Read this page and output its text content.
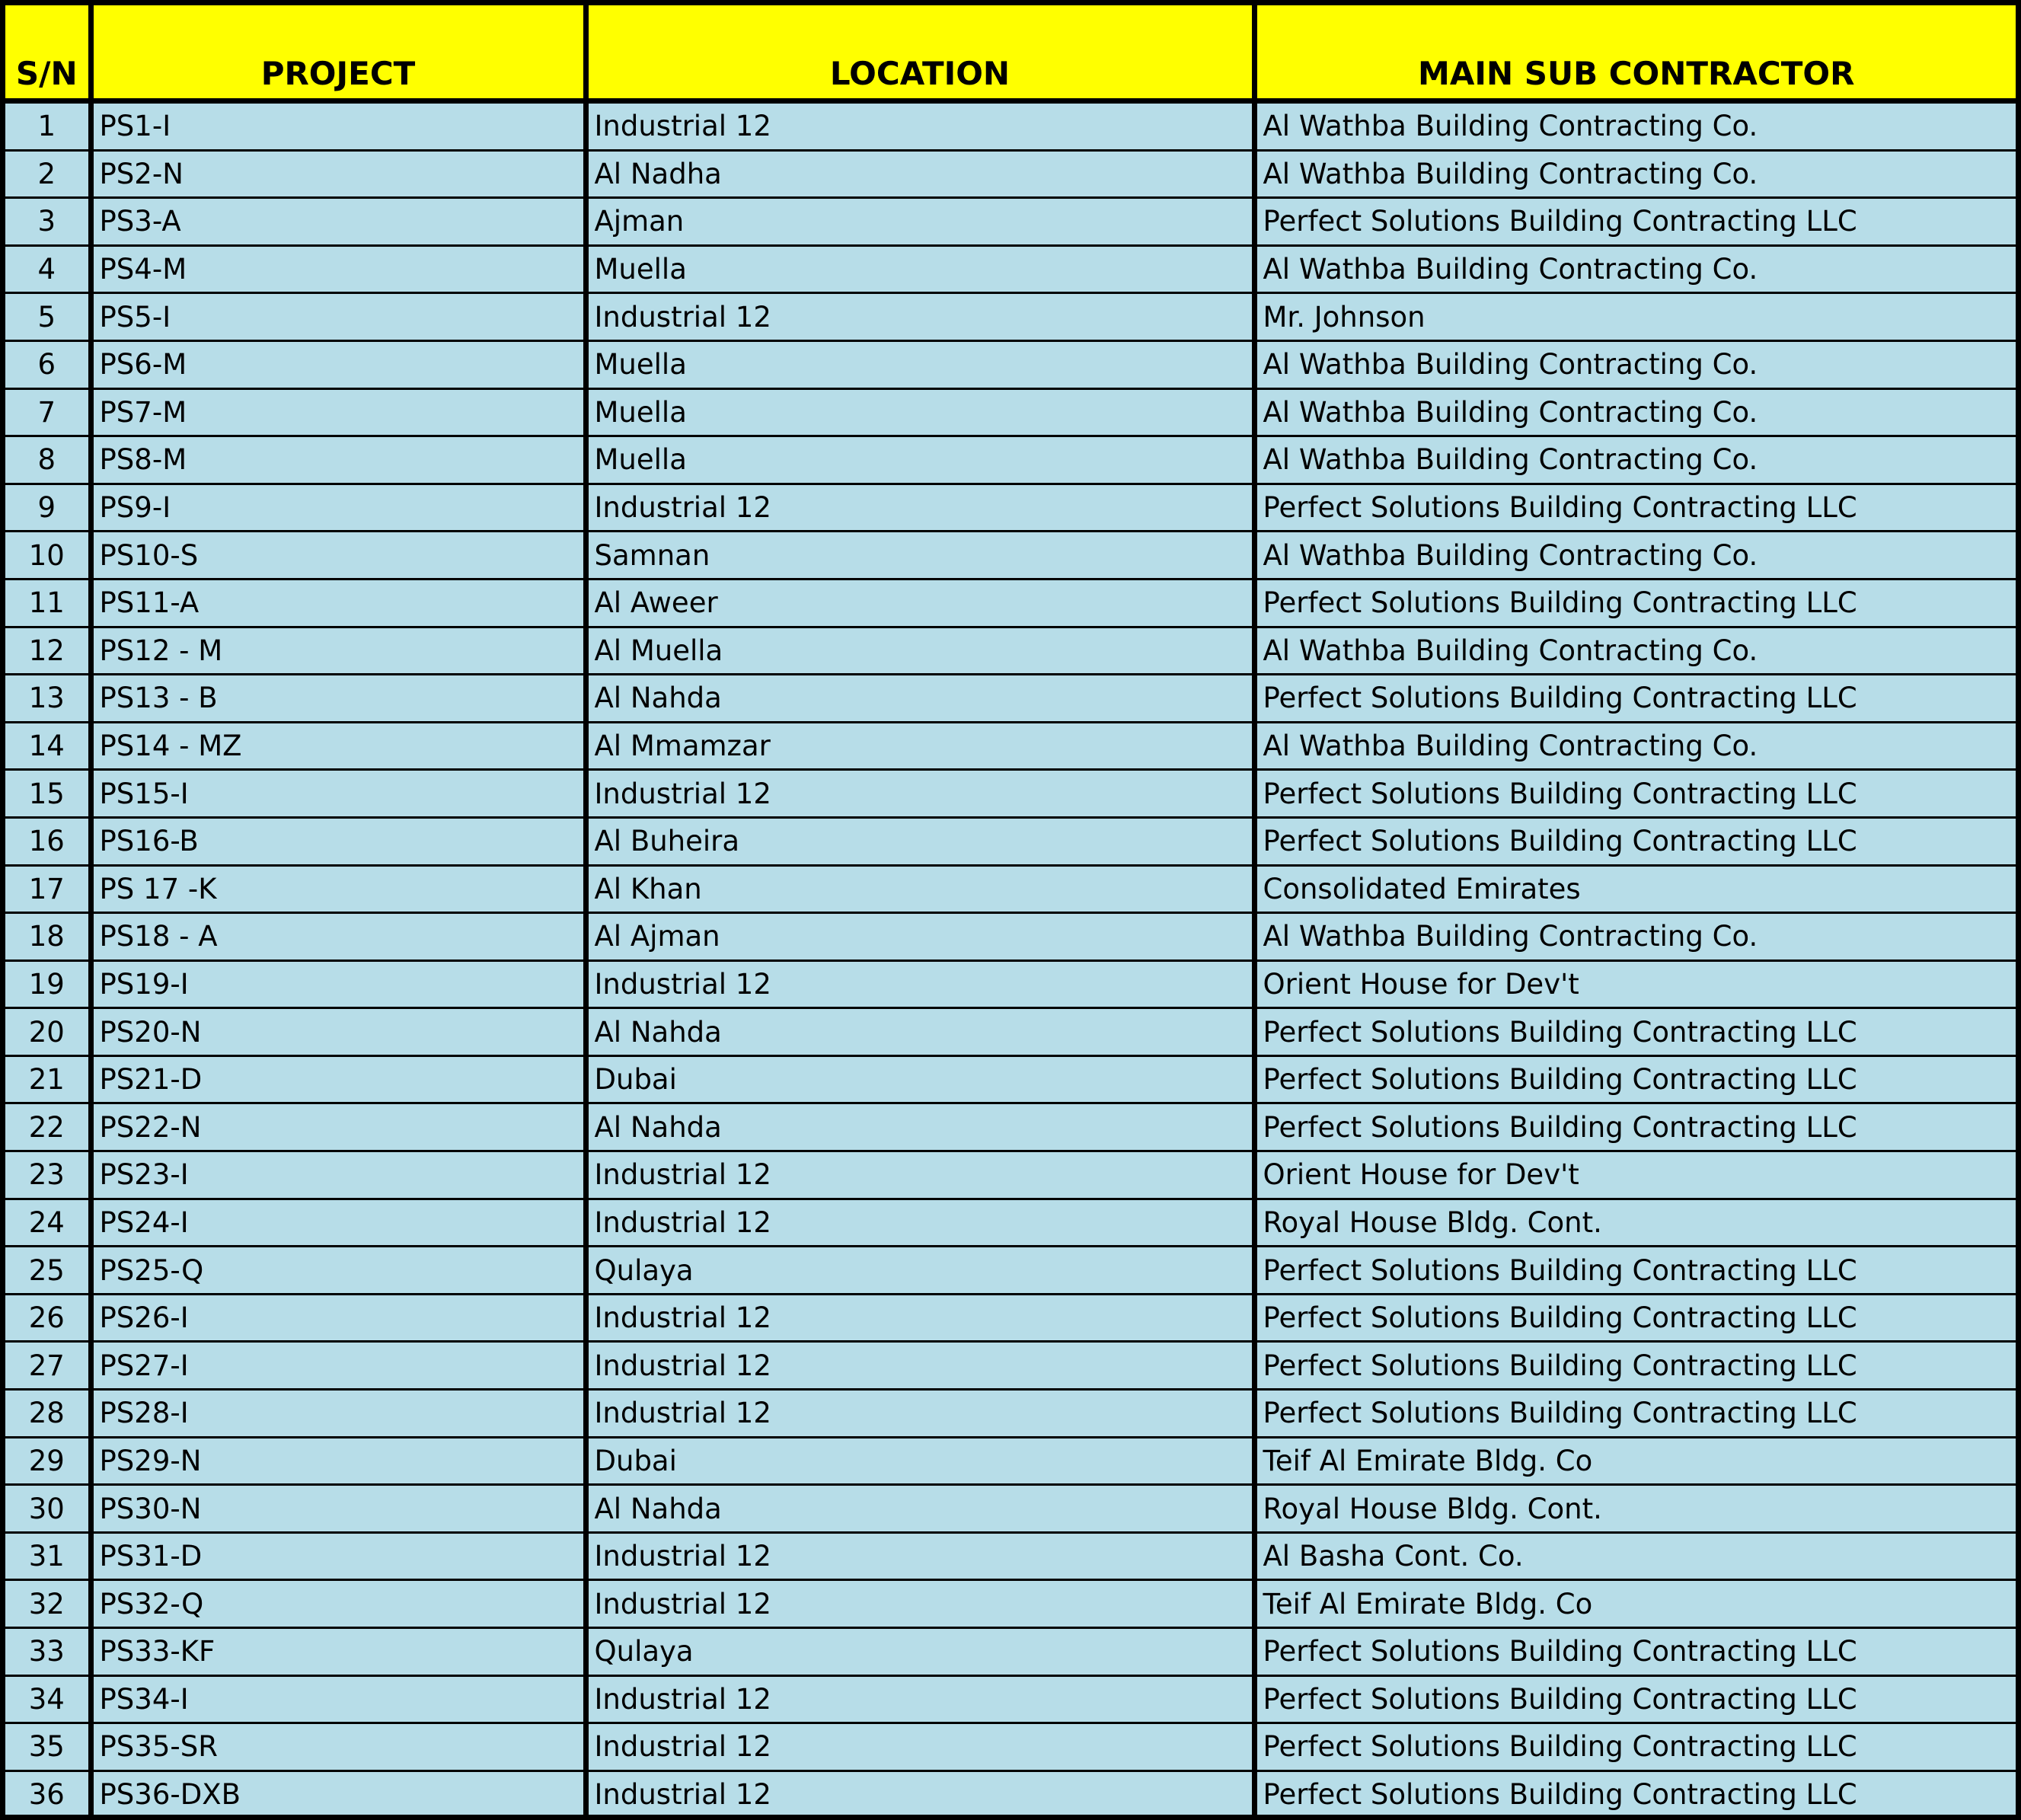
S/N	PROJECT	LOCATION	MAIN SUB CONTRACTOR
1	PS1-I	Industrial 12	Al Wathba Building Contracting Co.
2	PS2-N	Al Nadha	Al Wathba Building Contracting Co.
3	PS3-A	Ajman	Perfect Solutions Building Contracting LLC
4	PS4-M	Muella	Al Wathba Building Contracting Co.
5	PS5-I	Industrial 12	Mr. Johnson
6	PS6-M	Muella	Al Wathba Building Contracting Co.
7	PS7-M	Muella	Al Wathba Building Contracting Co.
8	PS8-M	Muella	Al Wathba Building Contracting Co.
9	PS9-I	Industrial 12	Perfect Solutions Building Contracting LLC
10	PS10-S	Samnan	Al Wathba Building Contracting Co.
11	PS11-A	Al Aweer	Perfect Solutions Building Contracting LLC
12	PS12 - M	Al Muella	Al Wathba Building Contracting Co.
13	PS13 - B	Al Nahda	Perfect Solutions Building Contracting LLC
14	PS14 - MZ	Al Mmamzar	Al Wathba Building Contracting Co.
15	PS15-I	Industrial 12	Perfect Solutions Building Contracting LLC
16	PS16-B	Al Buheira	Perfect Solutions Building Contracting LLC
17	PS 17 -K	Al Khan	Consolidated Emirates
18	PS18 - A	Al Ajman	Al Wathba Building Contracting Co.
19	PS19-I	Industrial 12	Orient House for Dev't
20	PS20-N	Al Nahda	Perfect Solutions Building Contracting LLC
21	PS21-D	Dubai	Perfect Solutions Building Contracting LLC
22	PS22-N	Al Nahda	Perfect Solutions Building Contracting LLC
23	PS23-I	Industrial 12	Orient House for Dev't
24	PS24-I	Industrial 12	Royal House Bldg. Cont.
25	PS25-Q	Qulaya	Perfect Solutions Building Contracting LLC
26	PS26-I	Industrial 12	Perfect Solutions Building Contracting LLC
27	PS27-I	Industrial 12	Perfect Solutions Building Contracting LLC
28	PS28-I	Industrial 12	Perfect Solutions Building Contracting LLC
29	PS29-N	Dubai	Teif Al Emirate Bldg. Co
30	PS30-N	Al Nahda	Royal House Bldg. Cont.
31	PS31-D	Industrial 12	Al Basha Cont. Co.
32	PS32-Q	Industrial 12	Teif Al Emirate Bldg. Co
33	PS33-KF	Qulaya	Perfect Solutions Building Contracting LLC
34	PS34-I	Industrial 12	Perfect Solutions Building Contracting LLC
35	PS35-SR	Industrial 12	Perfect Solutions Building Contracting LLC
36	PS36-DXB	Industrial 12	Perfect Solutions Building Contracting LLC
